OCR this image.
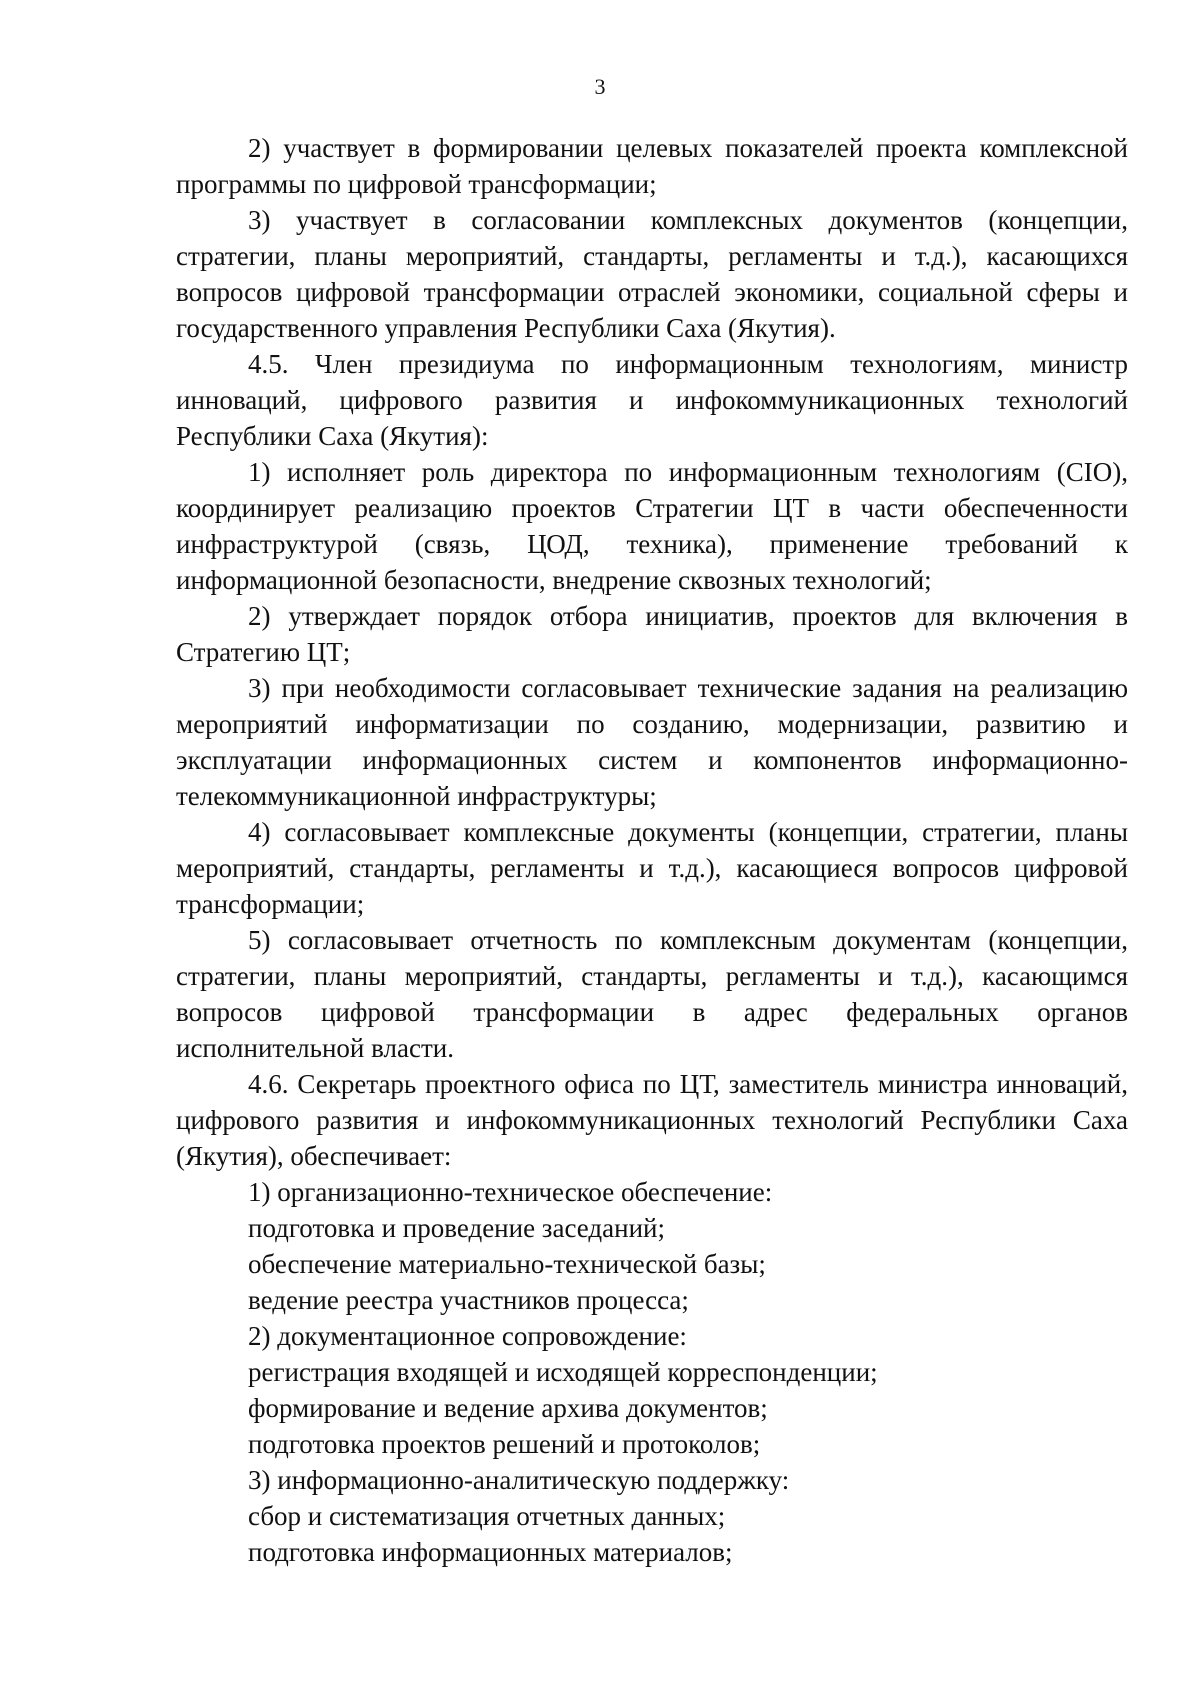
3

2) участвует в формировании целевых показателей проекта комплексной программы по цифровой трансформации;

3) участвует в согласовании комплексных документов (концепции, стратегии, планы мероприятий, стандарты, регламенты и т.д.), касающихся вопросов цифровой трансформации отраслей экономики, социальной сферы и государственного управления Республики Саха (Якутия).

4.5. Член президиума по информационным технологиям, министр инноваций, цифрового развития и инфокоммуникационных технологий Республики Саха (Якутия):

1) исполняет роль директора по информационным технологиям (CIO), координирует реализацию проектов Стратегии ЦТ в части обеспеченности инфраструктурой (связь, ЦОД, техника), применение требований к информационной безопасности, внедрение сквозных технологий;

2) утверждает порядок отбора инициатив, проектов для включения в Стратегию ЦТ;

3) при необходимости согласовывает технические задания на реализацию мероприятий информатизации по созданию, модернизации, развитию и эксплуатации информационных систем и компонентов информационно-телекоммуникационной инфраструктуры;

4) согласовывает комплексные документы (концепции, стратегии, планы мероприятий, стандарты, регламенты и т.д.), касающиеся вопросов цифровой трансформации;

5) согласовывает отчетность по комплексным документам (концепции, стратегии, планы мероприятий, стандарты, регламенты и т.д.), касающимся вопросов цифровой трансформации в адрес федеральных органов исполнительной власти.

4.6. Секретарь проектного офиса по ЦТ, заместитель министра инноваций, цифрового развития и инфокоммуникационных технологий Республики Саха (Якутия), обеспечивает:

1) организационно-техническое обеспечение:

подготовка и проведение заседаний;

обеспечение материально-технической базы;

ведение реестра участников процесса;

2) документационное сопровождение:

регистрация входящей и исходящей корреспонденции;

формирование и ведение архива документов;

подготовка проектов решений и протоколов;

3) информационно-аналитическую поддержку:

сбор и систематизация отчетных данных;

подготовка информационных материалов;
